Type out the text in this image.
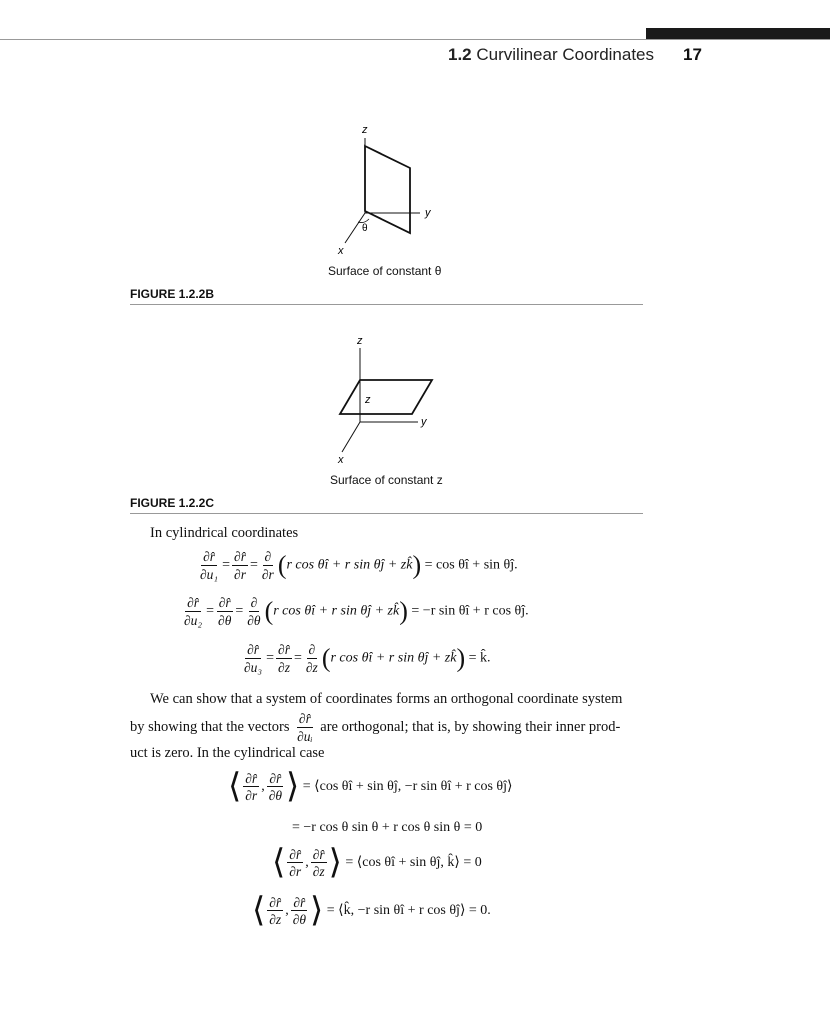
1.2 Curvilinear Coordinates 17
z
y
x
θ
Surface of constant θ
FIGURE 1.2.2B
z
z
y
x
Surface of constant z
FIGURE 1.2.2C
In cylindrical coordinates
$\frac{\partial r̂}{\text{∂u₁}} = \frac{\partial r̂}{\partial r} = \frac{\partial}{\partial r} (r$ cos θî + r sin θĵ + zk̂) = cos θî + sin θĵ.
$\frac{\partial r̂}{\text{∂u₂}} = \frac{\partial r̂}{\partial\theta} = \frac{\partial}{\partial\theta} (r$ cos θî + r sin θĵ + zk̂) = −r sin θî + r cos θĵ.
$\frac{\partial r̂}{\text{∂u₃}} = \frac{\partial r̂}{\partial z} = \frac{\partial}{\partial z} (r$ cos θî + r sin θĵ + zk̂) = k̂.
We can show that a system of coordinates forms an orthogonal coordinate system
by showing that the vectors $\frac{\partial r̂}{\text{∂uᵢ}}$ are orthogonal; that is, by showing their inner prod-
uct is zero. In the cylindrical case
⟨ $\frac{\partial r̂}{\partial r}$ , $\frac{\partial r̂}{\partial\theta}$ ⟩ = ⟨cos θî + sin θĵ, −r sin θî + r cos θĵ⟩
= −r cos θ sin θ + r cos θ sin θ = 0
⟨ $\frac{\partial r̂}{\partial r}$ , $\frac{\partial r̂}{\partial z}$ ⟩ = ⟨cos θî + sin θĵ, k̂⟩ = 0
⟨ $\frac{\partial r̂}{\partial z}$ , $\frac{\partial r̂}{\partial\theta}$ ⟩ = ⟨k̂, −r sin θî + r cos θĵ⟩ = 0.
